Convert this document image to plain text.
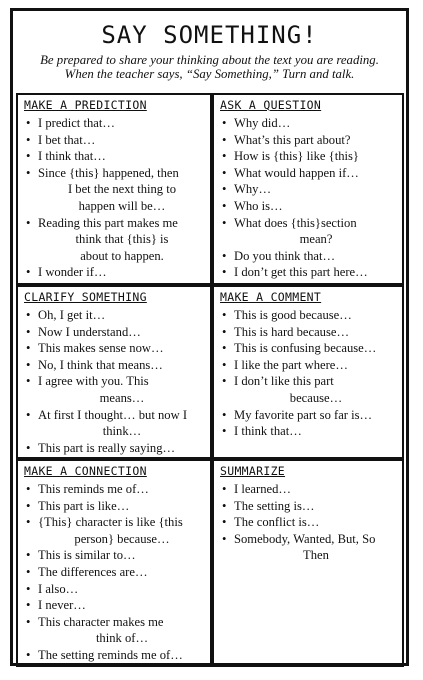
SAY SOMETHING!
Be prepared to share your thinking about the text you are reading.
When the teacher says, “Say Something,” Turn and talk.
MAKE A PREDICTION
• I predict that…
• I bet that…
• I think that…
• Since {this} happened, then
I bet the next thing to
happen will be…
• Reading this part makes me
think that {this} is
about to happen.
• I wonder if…
ASK A QUESTION
• Why did…
• What’s this part about?
• How is {this} like {this}
• What would happen if…
• Why…
• Who is…
• What does {this}section
mean?
• Do you think that…
• I don’t get this part here…
CLARIFY SOMETHING
• Oh, I get it…
• Now I understand…
• This makes sense now…
• No, I think that means…
• I agree with you. This
means…
• At first I thought… but now I
think…
• This part is really saying…
MAKE A COMMENT
• This is good because…
• This is hard because…
• This is confusing because…
• I like the part where…
• I don’t like this part
because…
• My favorite part so far is…
• I think that…
MAKE A CONNECTION
• This reminds me of…
• This part is like…
• {This} character is like {this
person} because…
• This is similar to…
• The differences are…
• I also…
• I never…
• This character makes me
think of…
• The setting reminds me of…
SUMMARIZE
• I learned…
• The setting is…
• The conflict is…
• Somebody, Wanted, But, So
Then
